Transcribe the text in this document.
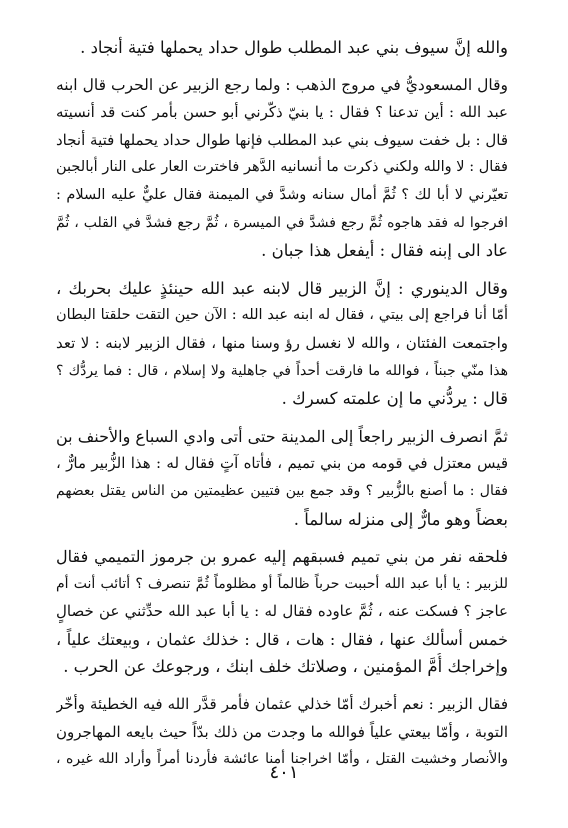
والله إنَّ سيوف بني عبد المطلب طوال حداد يحملها فتية أنجاد .
وقال المسعوديُّ في مروج الذهب : ولما رجع الزبير عن الحرب قال ابنه
عبد الله : أين تدعنا ؟ فقال : يا بنيّ ذكّرني أبو حسن بأمر كنت قد أنسيته
قال : بل خفت سيوف بني عبد المطلب فإنها طوال حداد يحملها فتية أنجاد
فقال : لا والله ولكني ذكرت ما أنسانيه الدَّهر فاخترت العار على النار أبالجبن
تعيّرني لا أبا لك ؟ ثُمَّ أمال سنانه وشدَّ في الميمنة فقال عليٌّ عليه السلام :
افرجوا له فقد هاجوه ثُمَّ رجع فشدَّ في الميسرة ، ثُمَّ رجع فشدَّ في القلب ، ثُمَّ
عاد الى إبنه فقال : أيفعل هذا جبان .
وقال الدينوري : إنَّ الزبير قال لابنه عبد الله حينئذٍ عليك بحربك ،
أمّا أنا فراجع إلى بيتي ، فقال له ابنه عبد الله : الآن حين التقت حلقتا البطان
واجتمعت الفئتان ، والله لا نغسل رؤ وسنا منها ، فقال الزبير لابنه : لا تعد
هذا منّي جبناً ، فوالله ما فارقت أحداً في جاهلية ولا إسلام ، قال : فما يردُّك ؟
قال : يردُّني ما إن علمته كسرك .
ثمَّ انصرف الزبير راجعاً إلى المدينة حتى أتى وادي السباع والأحنف بن
قيس معتزل في قومه من بني تميم ، فأتاه آتٍ فقال له : هذا الزُّبير مارٌّ ،
فقال : ما أصنع بالزُّبير ؟ وقد جمع بين فتيين عظيمتين من الناس يقتل بعضهم
بعضاً وهو مارٌّ إلى منزله سالماً .
فلحقه نفر من بني تميم فسبقهم إليه عمرو بن جرموز التميمي فقال
للزبير : يا أبا عبد الله أحببت حرباً ظالماً أو مظلوماً ثُمَّ تنصرف ؟ أتائب أنت أم
عاجز ؟ فسكت عنه ، ثُمَّ عاوده فقال له : يا أبا عبد الله حدِّثني عن خصالٍ
خمس أسألك عنها ، فقال : هات ، قال : خذلك عثمان ، وبيعتك علياً ،
وإخراجك أُمَّ المؤمنين ، وصلاتك خلف ابنك ، ورجوعك عن الحرب .
فقال الزبير : نعم أخبرك أمّا خذلي عثمان فأمر قدَّر الله فيه الخطيئة وأخّر
التوبة ، وأمّا بيعتي علياً فوالله ما وجدت من ذلك بدّاً حيث بايعه المهاجرون
والأنصار وخشيت القتل ، وأمّا اخراجنا أمنا عائشة فأردنا أمراً وأراد الله غيره ،
٤٠١
